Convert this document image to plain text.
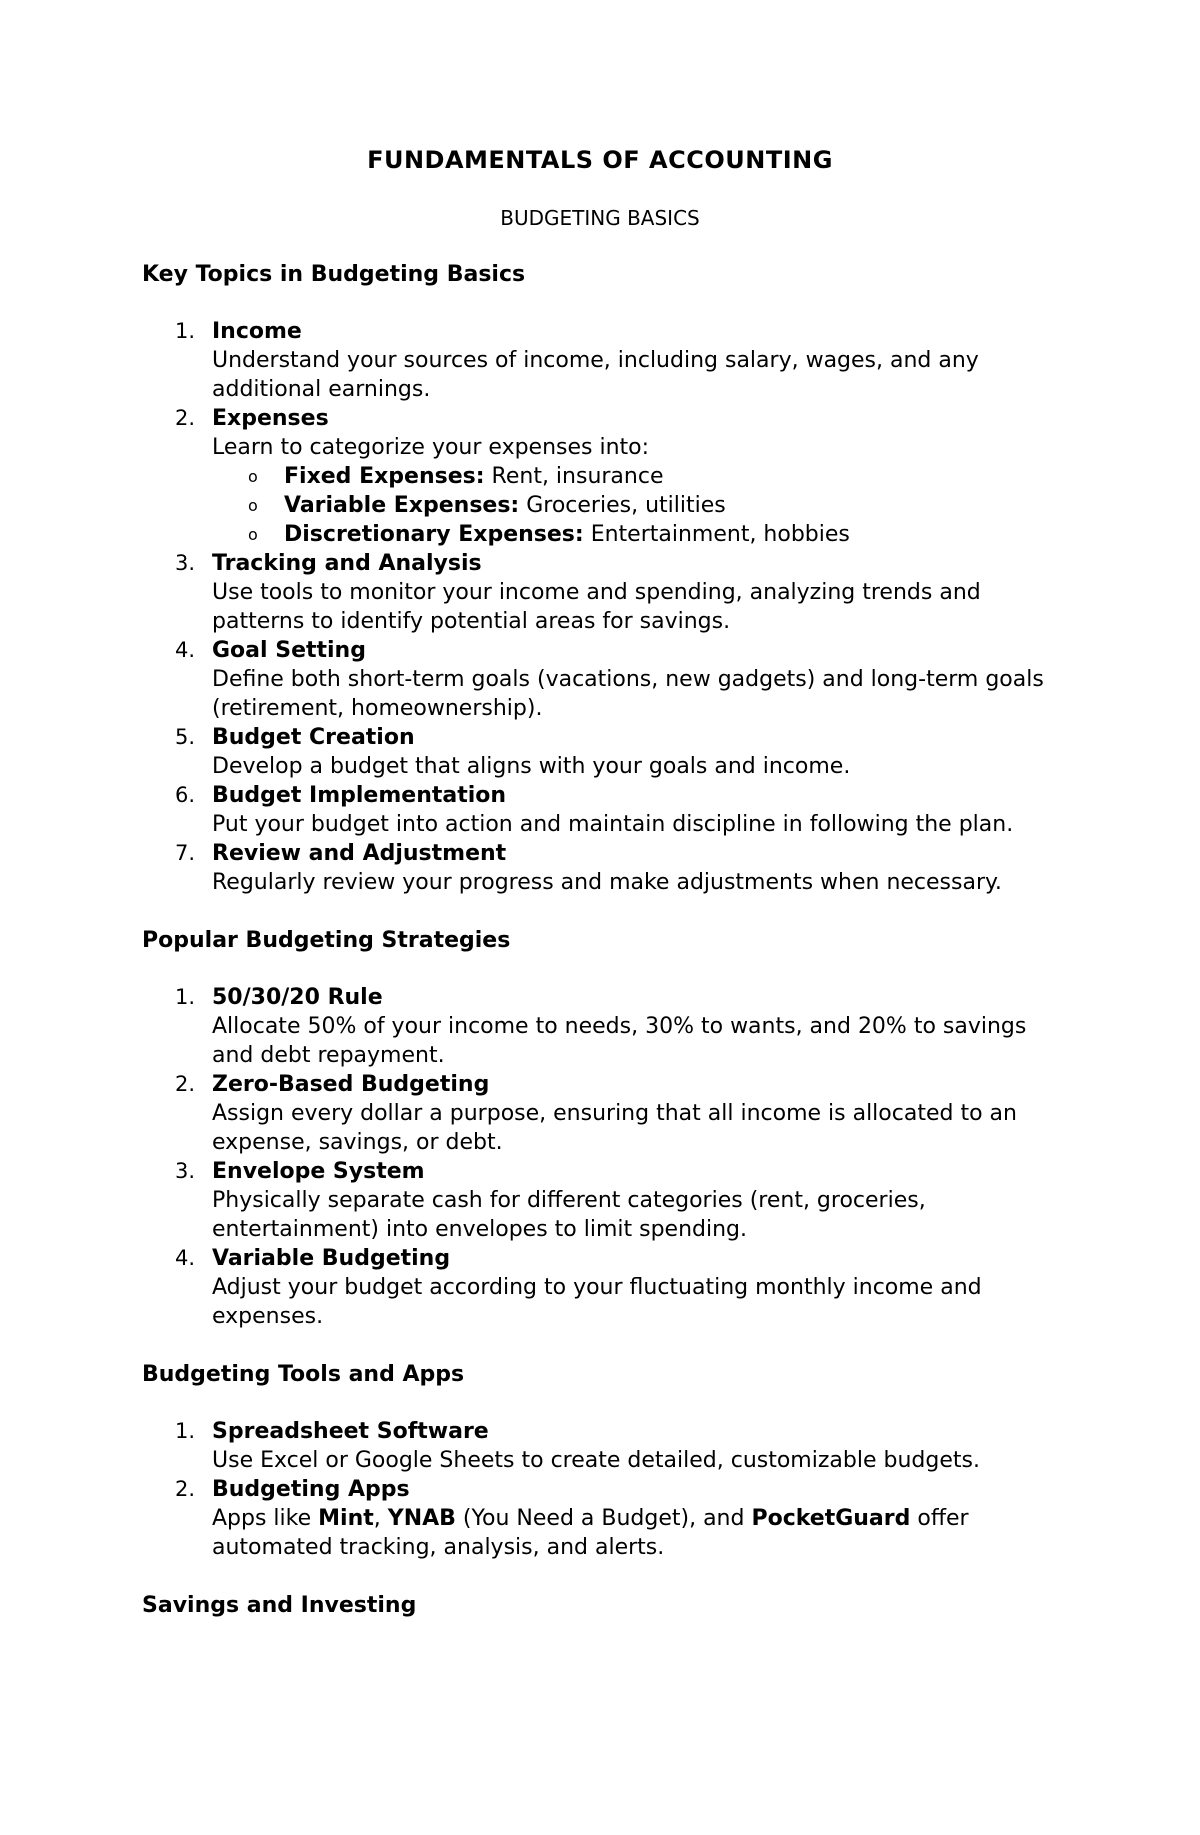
FUNDAMENTALS OF ACCOUNTING
BUDGETING BASICS
Key Topics in Budgeting Basics
1. Income
Understand your sources of income, including salary, wages, and any additional earnings.
2. Expenses
Learn to categorize your expenses into:
o Fixed Expenses: Rent, insurance
o Variable Expenses: Groceries, utilities
o Discretionary Expenses: Entertainment, hobbies
3. Tracking and Analysis
Use tools to monitor your income and spending, analyzing trends and patterns to identify potential areas for savings.
4. Goal Setting
Define both short-term goals (vacations, new gadgets) and long-term goals (retirement, homeownership).
5. Budget Creation
Develop a budget that aligns with your goals and income.
6. Budget Implementation
Put your budget into action and maintain discipline in following the plan.
7. Review and Adjustment
Regularly review your progress and make adjustments when necessary.
Popular Budgeting Strategies
1. 50/30/20 Rule
Allocate 50% of your income to needs, 30% to wants, and 20% to savings and debt repayment.
2. Zero-Based Budgeting
Assign every dollar a purpose, ensuring that all income is allocated to an expense, savings, or debt.
3. Envelope System
Physically separate cash for different categories (rent, groceries, entertainment) into envelopes to limit spending.
4. Variable Budgeting
Adjust your budget according to your fluctuating monthly income and expenses.
Budgeting Tools and Apps
1. Spreadsheet Software
Use Excel or Google Sheets to create detailed, customizable budgets.
2. Budgeting Apps
Apps like Mint, YNAB (You Need a Budget), and PocketGuard offer automated tracking, analysis, and alerts.
Savings and Investing
